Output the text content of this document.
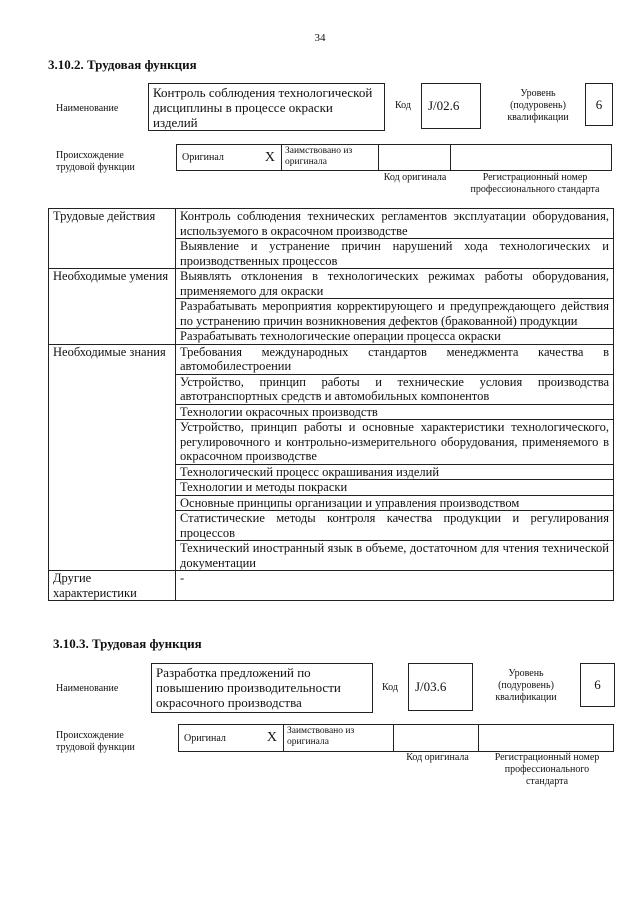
34
3.10.2. Трудовая функция
Наименование
Контроль соблюдения технологической дисциплины в процессе окраски изделий
Код	J/02.6
Уровень (подуровень) квалификации
6
Происхождение трудовой функции
Оригинал	X	Заимствовано из оригинала
Код оригинала	Регистрационный номер профессионального стандарта
Трудовые действия	Контроль соблюдения технических регламентов эксплуатации оборудования, используемого в окрасочном производстве
	Выявление и устранение причин нарушений хода технологических и производственных процессов
Необходимые умения	Выявлять отклонения в технологических режимах работы оборудования, применяемого для окраски
	Разрабатывать мероприятия корректирующего и предупреждающего действия по устранению причин возникновения дефектов (бракованной) продукции
	Разрабатывать технологические операции процесса окраски
Необходимые знания	Требования международных стандартов менеджмента качества в автомобилестроении
	Устройство, принцип работы и технические условия производства автотранспортных средств и автомобильных компонентов
	Технологии окрасочных производств
	Устройство, принцип работы и основные характеристики технологического, регулировочного и контрольно-измерительного оборудования, применяемого в окрасочном производстве
	Технологический процесс окрашивания изделий
	Технологии и методы покраски
	Основные принципы организации и управления производством
	Статистические методы контроля качества продукции и регулирования процессов
	Технический иностранный язык в объеме, достаточном для чтения технической документации
Другие характеристики	-
3.10.3. Трудовая функция
Наименование
Разработка предложений по повышению производительности окрасочного производства
Код	J/03.6
Уровень (подуровень) квалификации
6
Происхождение трудовой функции
Оригинал	X	Заимствовано из оригинала
Код оригинала	Регистрационный номер профессионального стандарта
